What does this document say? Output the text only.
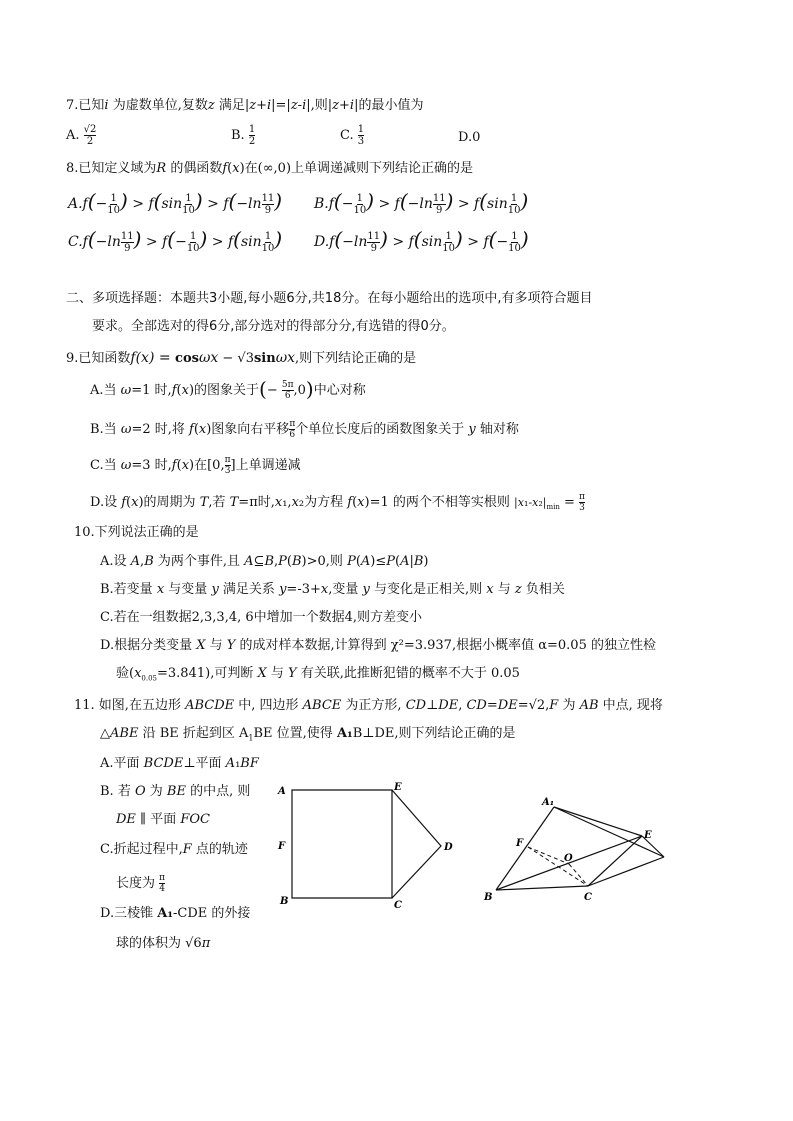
7.已知i 为虚数单位,复数z 满足|z+i|=|z-i|,则|z+i|的最小值为
A. $\frac{√2}{2}$	B. $\frac{1}{2}$	C. $\frac{1}{3}$	D.0
8.已知定义域为R 的偶函数f(x)在(∞,0)上单调递减则下列结论正确的是
$A.f(- \frac{1}{10}$ ) > $f(\sin \frac{1}{10}$ ) > $f(-\ln \frac{11}{9}$ ) $B.f(- \frac{1}{10}$ ) > $f(-\ln \frac{11}{9}$ ) > $f(\sin \frac{1}{10}$ )
$C.f(-\ln \frac{11}{9}$ ) > $f(- \frac{1}{10}$ ) > $f(\sin \frac{1}{10}$ ) $D.f(-\ln \frac{11}{9}$ ) > $f(\sin \frac{1}{10}$ ) > $f(- \frac{1}{10}$ )
二、多项选择题：本题共3小题,每小题6分,共18分。在每小题给出的选项中,有多项符合题目
要求。全部选对的得6分,部分选对的得部分分,有选错的得0分。
9.已知函数f(x) = cosωx − √3sinωx,则下列结论正确的是
A.当 ω=1 时,f(x)的图象关于(− $\frac{5\pi}{6} ,0$)中心对称
B.当 ω=2 时,将 f(x)图象向右平移 $\frac{\pi}{6}$ 个单位长度后的函数图象关于 y 轴对称
C.当 ω=3 时,f(x)在[0, $\frac{\pi}{3}$ ]上单调递减
D.设 f(x)的周期为 T,若 T=π时,x₁,x₂为方程 f(x)=1 的两个不相等实根则 $|x_1-x_2|_{min} = \frac{\pi}{3}$
10.下列说法正确的是
A.设 A,B 为两个事件,且 A⊆B,P(B)>0,则 P(A)≤P(A|B)
B.若变量 x 与变量 y 满足关系 y=-3+x,变量 y 与变化是正相关,则 x 与 z 负相关
C.若在一组数据2,3,3,4, 6中增加一个数据4,则方差变小
D.根据分类变量 X 与 Y 的成对样本数据,计算得到 χ²=3.937,根据小概率值 α=0.05 的独立性检
验$(x_{0.05}=3.841)$,可判断 X 与 Y 有关联,此推断犯错的概率不大于 0.05
11. 如图,在五边形 ABCDE 中, 四边形 ABCE 为正方形, CD⊥DE, CD=DE=√2,F 为 AB 中点, 现将
△ABE 沿 BE 折起到区 $A_1BE$ 位置,使得 A₁B⊥DE,则下列结论正确的是
A.平面 BCDE⊥平面 A₁BF
B. 若 O 为 BE 的中点, 则
DE ∥ 平面 FOC
C.折起过程中,F 点的轨迹
长度为 $\frac{\pi}{4}$
D.三棱锥 A₁-CDE 的外接
球的体积为 √6π
A	E
F	D
B	C
A₁
E
F
O
B	C
